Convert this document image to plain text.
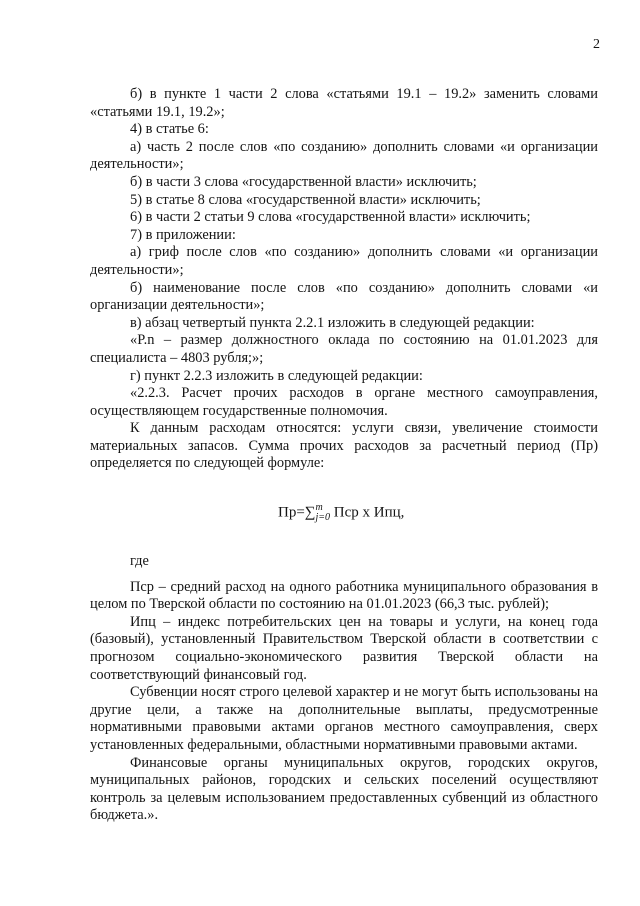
2

б) в пункте 1 части 2 слова «статьями 19.1 – 19.2» заменить словами «статьями 19.1, 19.2»;

4) в статье 6:

а) часть 2 после слов «по созданию» дополнить словами «и организации деятельности»;

б) в части 3 слова «государственной власти» исключить;

5) в статье 8 слова «государственной власти» исключить;

6) в части 2 статьи 9 слова «государственной власти» исключить;

7) в приложении:

а) гриф после слов «по созданию» дополнить словами «и организации деятельности»;

б) наименование после слов «по созданию» дополнить словами «и организации деятельности»;

в) абзац четвертый пункта 2.2.1 изложить в следующей редакции:

«P.n – размер должностного оклада по состоянию на 01.01.2023 для специалиста – 4803 рубля;»;

г) пункт 2.2.3 изложить в следующей редакции:

«2.2.3. Расчет прочих расходов в органе местного самоуправления, осуществляющем государственные полномочия.

К данным расходам относятся: услуги связи, увеличение стоимости материальных запасов. Сумма прочих расходов за расчетный период (Пр) определяется по следующей формуле:

Пр=∑ m
j=0 Пср х Ипц,

где

Пср – средний расход на одного работника муниципального образования в целом по Тверской области по состоянию на 01.01.2023 (66,3 тыс. рублей);

Ипц – индекс потребительских цен на товары и услуги, на конец года (базовый), установленный Правительством Тверской области в соответствии с прогнозом социально-экономического развития Тверской области на соответствующий финансовый год.

Субвенции носят строго целевой характер и не могут быть использованы на другие цели, а также на дополнительные выплаты, предусмотренные нормативными правовыми актами органов местного самоуправления, сверх установленных федеральными, областными нормативными правовыми актами.

Финансовые органы муниципальных округов, городских округов, муниципальных районов, городских и сельских поселений осуществляют контроль за целевым использованием предоставленных субвенций из областного бюджета.».
